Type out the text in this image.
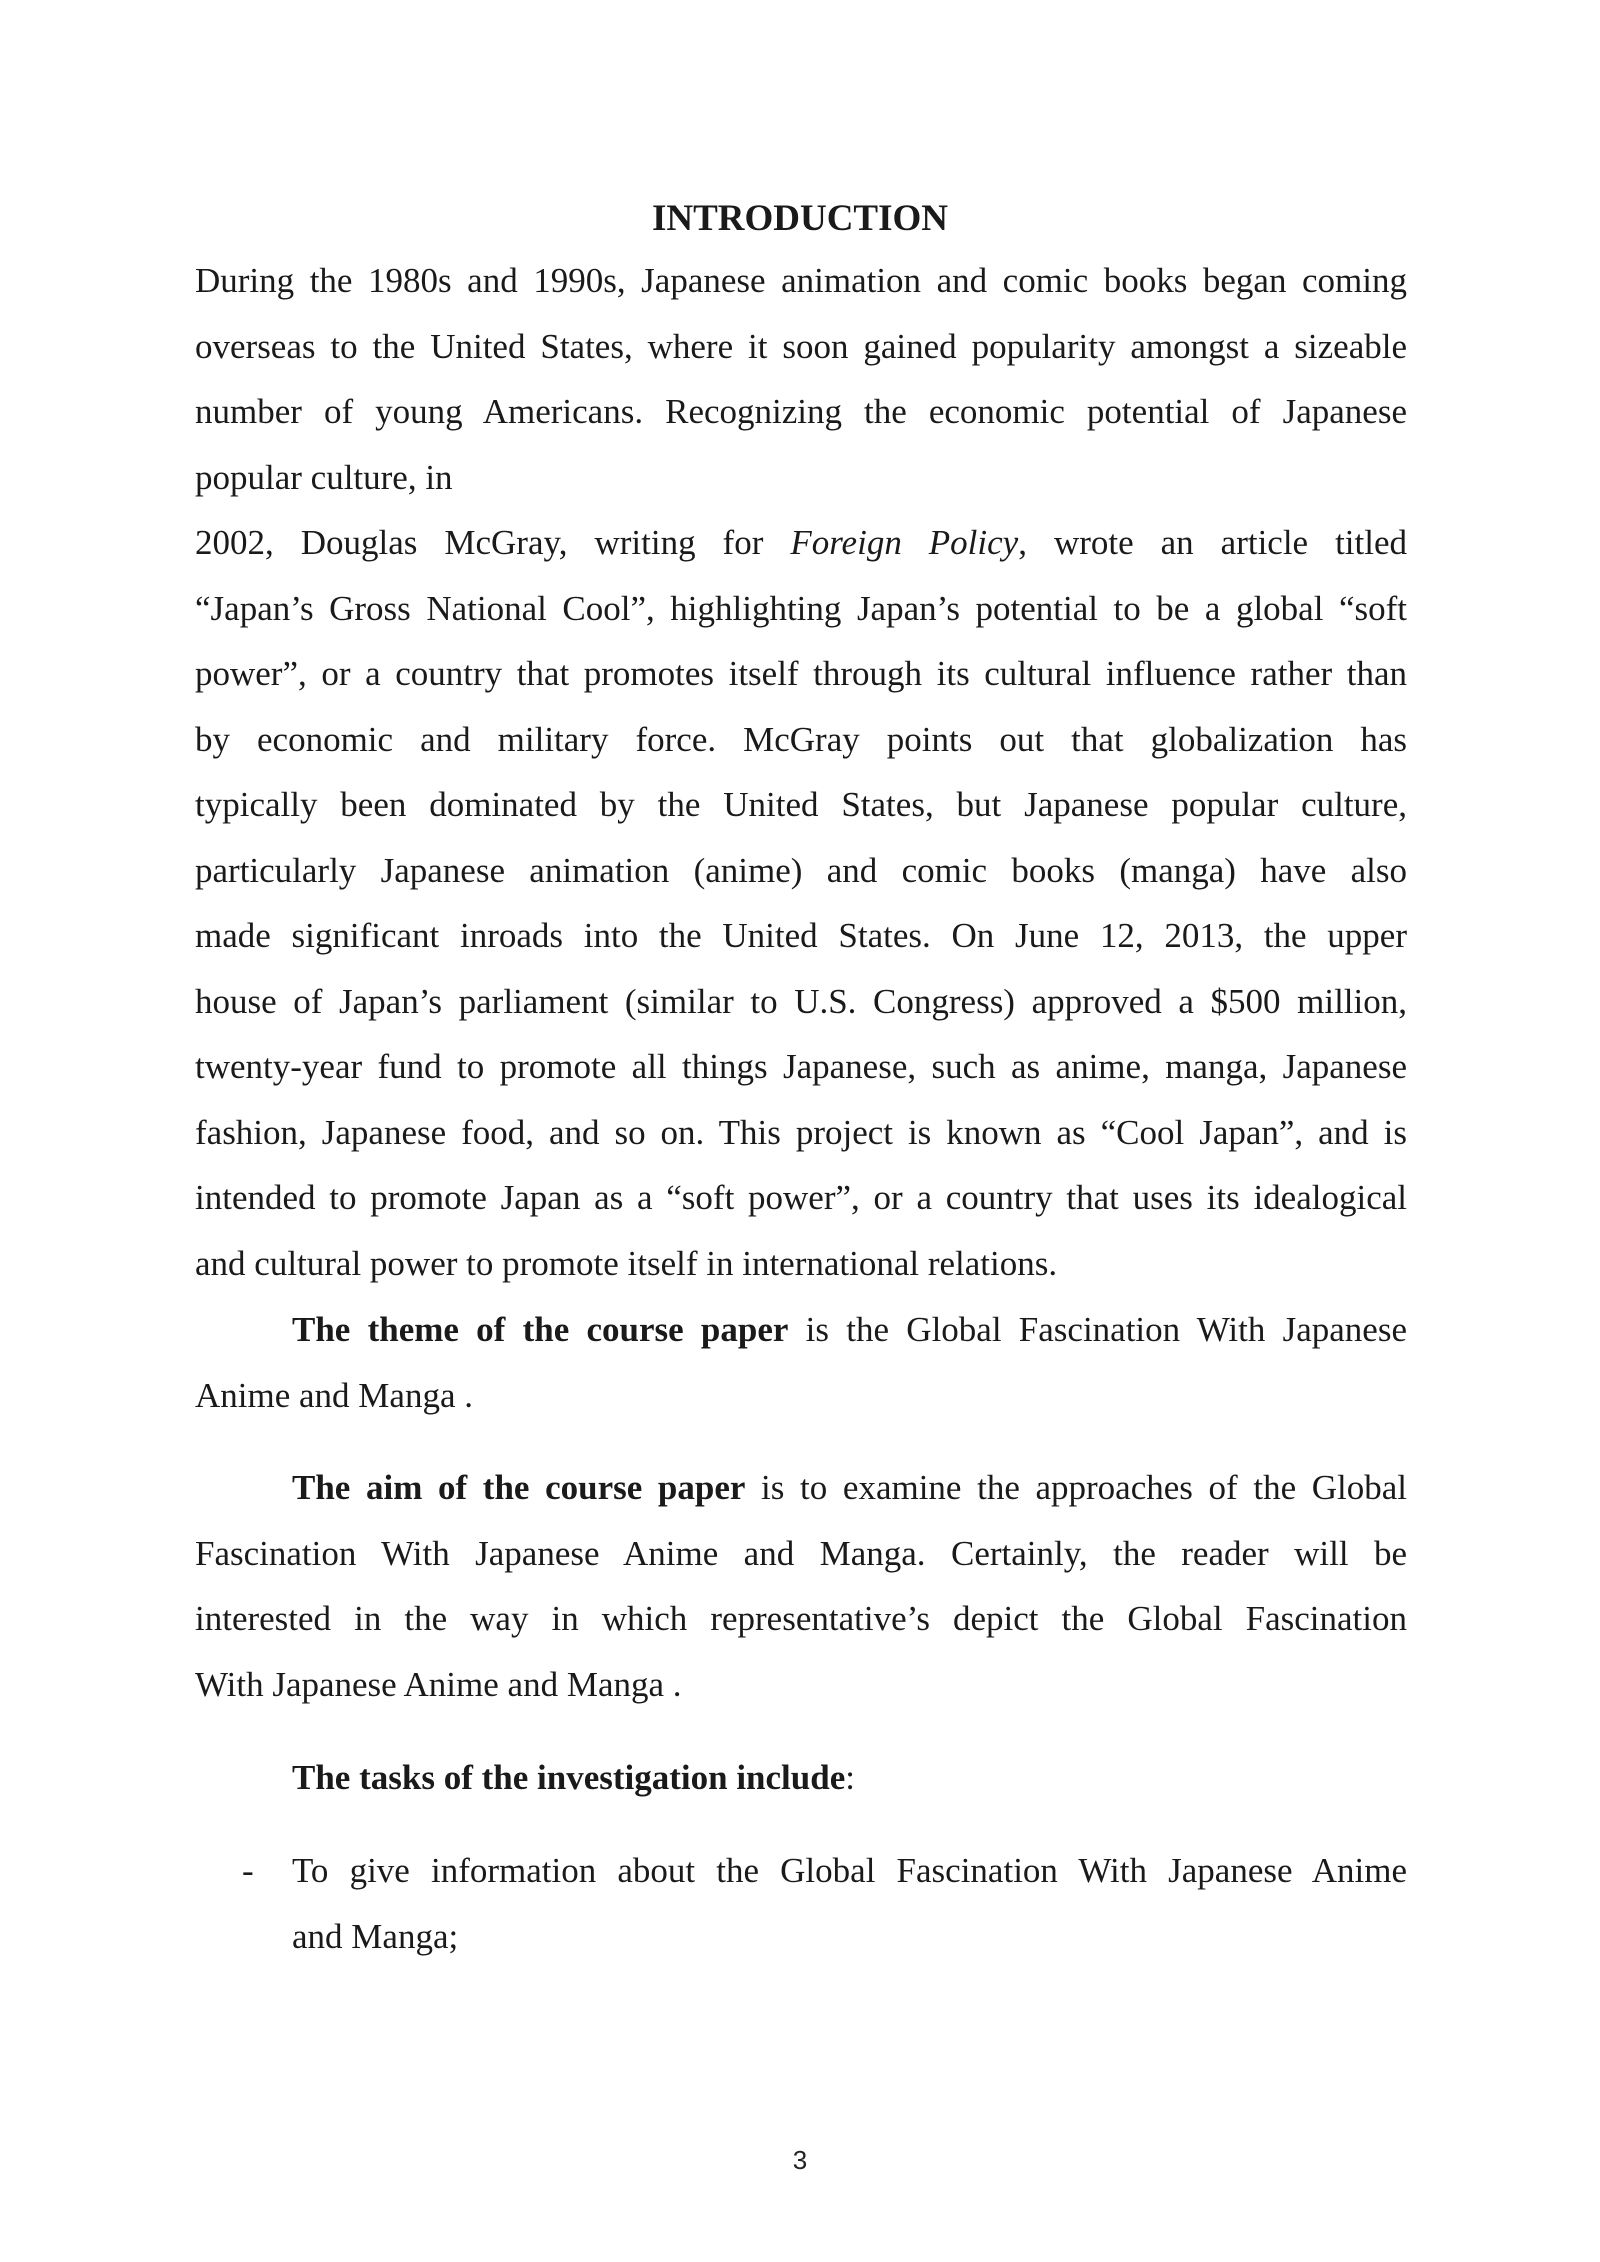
INTRODUCTION
During the 1980s and 1990s, Japanese animation and comic books began coming
overseas to the United States, where it soon gained popularity amongst a sizeable
number of young Americans. Recognizing the economic potential of Japanese
popular culture, in
2002, Douglas McGray, writing for Foreign Policy, wrote an article titled
“Japan’s Gross National Cool”, highlighting Japan’s potential to be a global “soft
power”, or a country that promotes itself through its cultural influence rather than
by economic and military force. McGray points out that globalization has
typically been dominated by the United States, but Japanese popular culture,
particularly Japanese animation (anime) and comic books (manga) have also
made significant inroads into the United States. On June 12, 2013, the upper
house of Japan’s parliament (similar to U.S. Congress) approved a $500 million,
twenty-year fund to promote all things Japanese, such as anime, manga, Japanese
fashion, Japanese food, and so on. This project is known as “Cool Japan”, and is
intended to promote Japan as a “soft power”, or a country that uses its idealogical
and cultural power to promote itself in international relations.
The theme of the course paper is the Global Fascination With Japanese
Anime and Manga .
The aim of the course paper is to examine the approaches of the Global
Fascination With Japanese Anime and Manga. Certainly, the reader will be
interested in the way in which representative’s depict the Global Fascination
With Japanese Anime and Manga .
The tasks of the investigation include:
- To give information about the Global Fascination With Japanese Anime
and Manga;
3
